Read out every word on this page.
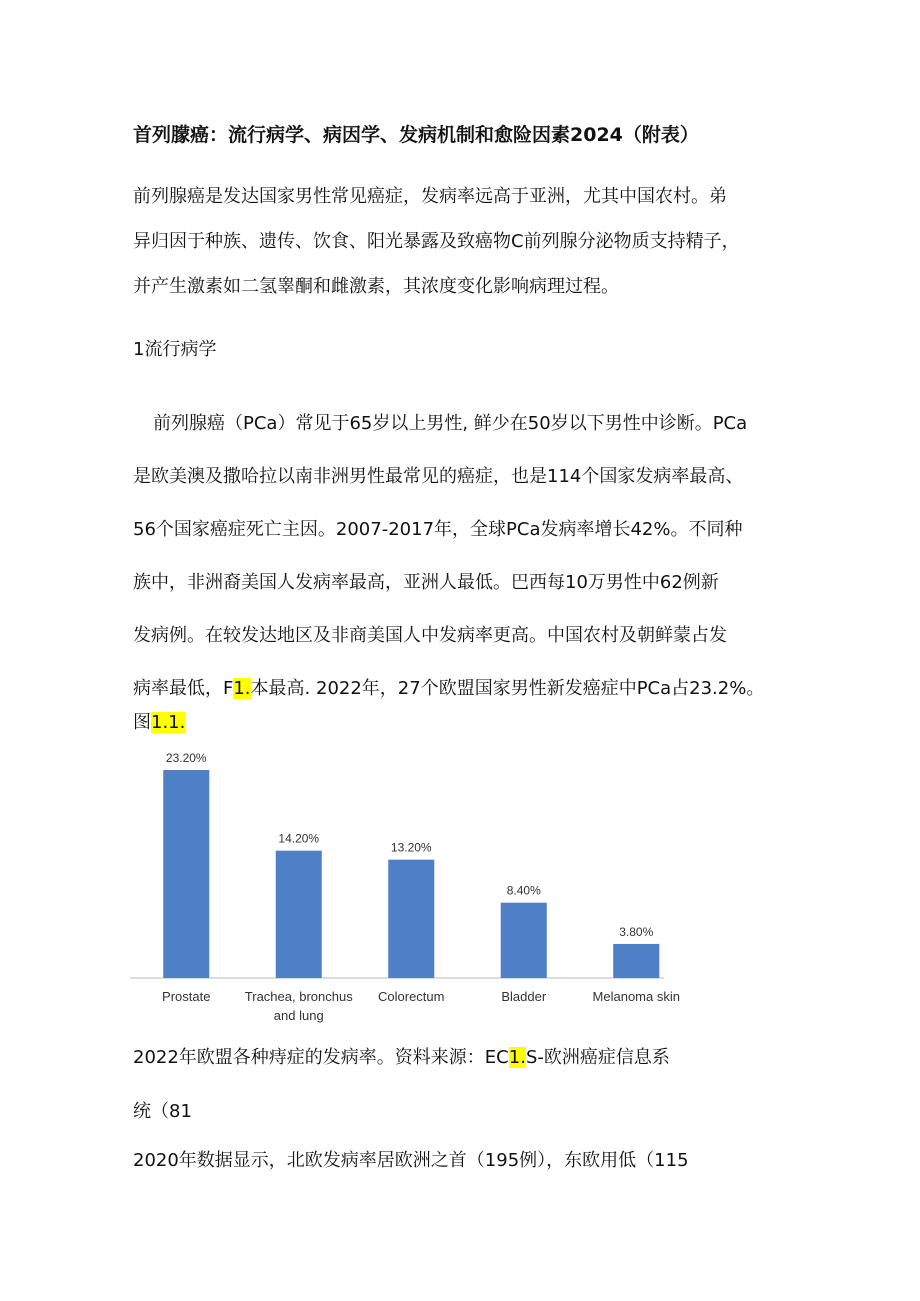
首列朦癌：流行病学、病因学、发病机制和愈险因素2024（附表）
前列腺癌是发达国家男性常见癌症，发病率远高于亚洲，尤其中国农村。弟
异归因于种族、遗传、饮食、阳光暴露及致癌物C前列腺分泌物质支持精子，
并产生激素如二氢睾酮和雌激素，其浓度变化影响病理过程。
1流行病学
前列腺癌（PCa）常见于65岁以上男性, 鲜少在50岁以下男性中诊断。PCa
是欧美澳及撒哈拉以南非洲男性最常见的癌症，也是114个国家发病率最高、
56个国家癌症死亡主因。2007-2017年，全球PCa发病率增长42%。不同种
族中，非洲裔美国人发病率最高，亚洲人最低。巴西每10万男性中62例新
发病例。在较发达地区及非商美国人中发病率更高。中国农村及朝鲜蒙占发
病率最低，F1.本最高. 2022年，27个欧盟国家男性新发癌症中PCa占23.2%。
图1.1.
23.20%
Prostate
14.20%
Trachea, bronchus
and lung
13.20%
Colorectum
8.40%
Bladder
3.80%
Melanoma skin
2022年欧盟各种痔症的发病率。资料来源：EC1.S-欧洲癌症信息系
统（81
2020年数据显示，北欧发病率居欧洲之首（195例），东欧用低（115
